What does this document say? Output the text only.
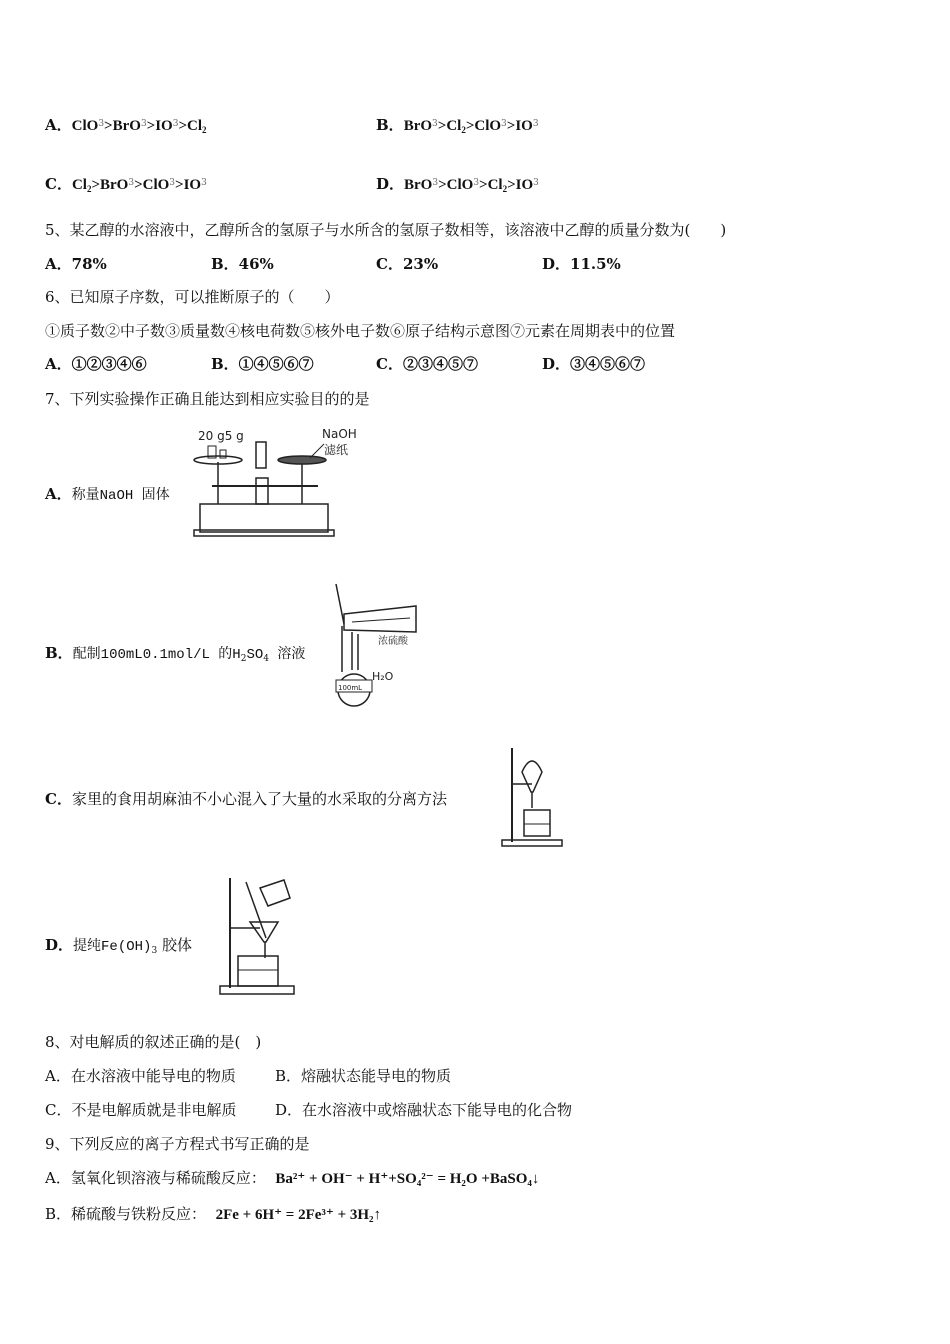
A．$ClO^3>BrO^3>IO^3>Cl_2$	B．$BrO^3>Cl_2>ClO^3>IO^3$
C．$Cl_2>BrO^3>ClO^3>IO^3$	D．$BrO^3>ClO^3>Cl_2>IO^3$
5、某乙醇的水溶液中，乙醇所含的氢原子与水所含的氢原子数相等，该溶液中乙醇的质量分数为(　　)
A．78%	B．46%	C．23%	D．11.5%
6、已知原子序数，可以推断原子的（　　）
①质子数②中子数③质量数④核电荷数⑤核外电子数⑥原子结构示意图⑦元素在周期表中的位置
A．①②③④⑥	B．①④⑤⑥⑦	C．②③④⑤⑦	D．③④⑤⑥⑦
7、下列实验操作正确且能达到相应实验目的的是
A．称量NaOH 固体
20 g5 g	NaOH
滤纸
B．配制100mL0.1mol/L 的$H_2SO_4$ 溶液
100mL
浓硫酸
H₂O
C．家里的食用胡麻油不小心混入了大量的水采取的分离方法
D．提纯$Fe(OH)_3$ 胶体
8、对电解质的叙述正确的是(　)
A．在水溶液中能导电的物质	B．熔融状态能导电的物质
C．不是电解质就是非电解质	D．在水溶液中或熔融状态下能导电的化合物
9、下列反应的离子方程式书写正确的是
A．氢氧化钡溶液与稀硫酸反应： Ba²⁺ + OH⁻ + H⁺+SO₄²⁻ = H₂O +BaSO₄↓
B．稀硫酸与铁粉反应： 2Fe + 6H⁺ = 2Fe³⁺ + 3H₂↑
